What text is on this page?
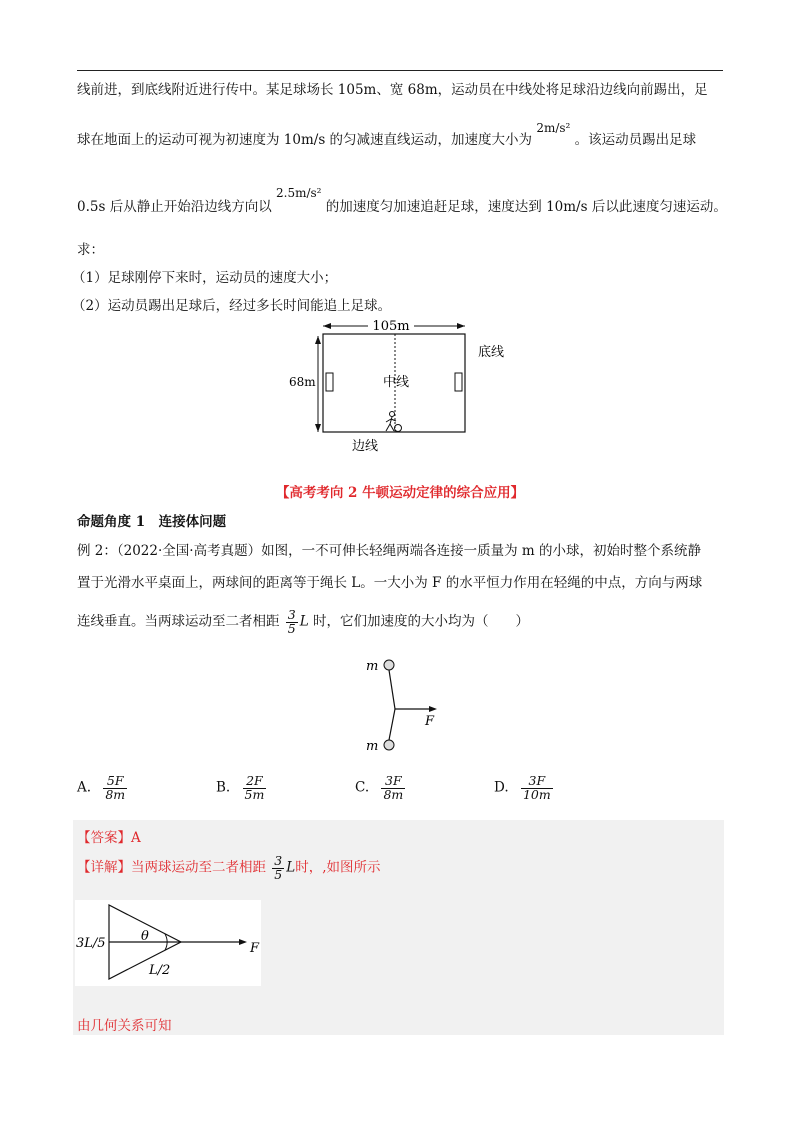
线前进，到底线附近进行传中。某足球场长 105m、宽 68m，运动员在中线处将足球沿边线向前踢出，足
球在地面上的运动可视为初速度为 10m/s 的匀减速直线运动，加速度大小为 2m/s² 。该运动员踢出足球
0.5s 后从静止开始沿边线方向以 2.5m/s² 的加速度匀加速追赶足球，速度达到 10m/s 后以此速度匀速运动。
求：
（1）足球刚停下来时，运动员的速度大小；
（2）运动员踢出足球后，经过多长时间能追上足球。
105m
68m	中线
底线
边线
【高考考向 2 牛顿运动定律的综合应用】
命题角度 1　连接体问题
例 2：（2022·全国·高考真题）如图，一不可伸长轻绳两端各连接一质量为 m 的小球，初始时整个系统静
置于光滑水平桌面上，两球间的距离等于绳长 L。一大小为 F 的水平恒力作用在轻绳的中点，方向与两球
连线垂直。当两球运动至二者相距 $\frac{3}{5}$ L 时，它们加速度的大小均为（　　）
m
m
F
A. $\frac{5F}{8m}$	B. $\frac{2F}{5m}$	C. $\frac{3F}{8m}$	D. $\frac{3F}{10m}$
【答案】A
【详解】当两球运动至二者相距 $\frac{3}{5}$ L时，,如图所示
3L/5	θ
L/2
F
由几何关系可知
